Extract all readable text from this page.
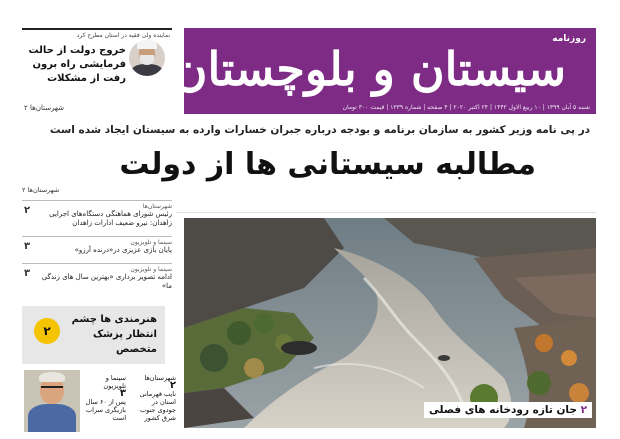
روزنامه
سیستان و بلوچستان
شنبه ۵ آبان ۱۳۹۹ | ۱۰ ربیع الاول ۱۴۴۲ | ۲۴ اکتبر ۲۰۲۰ | ۴ صفحه | شماره ۱۳۳۹ | قیمت ۳۰۰ تومان
در پی نامه وزیر کشور به سازمان برنامه و بودجه درباره جبران خسارات وارده به سیستان ایجاد شده است
مطالبه سیستانی ها از دولت
شهرستان‌ها ۲
نماینده ولی فقیه در استان مطرح کرد
خروج دولت از حالت فرمایشی راه برون رفت از مشکلات
شهرستان‌ها ۲
۲	شهرستان‌ها
رئیس شورای هماهنگی دستگاه‌های اجرایی زاهدان: نیرو ضعیف ادارات زاهدان
۳	سینما و تلویزیون
پایان بازی عزیزی در«درنده آرزو»
۳	سینما و تلویزیون
ادامه تصویر برداری «بهترین سال های زندگی ما»
هنرمندی ها چشم انتظار پزشک متخصص
۲
سینما و تلویزیون
۳
پس از ۶۰ سال بازیگری سراب است
شهرستان‌ها
۲
نایب قهرمانی استان در جودوی جنوب شرق کشور
۲ جان تازه رودخانه های فصلی
